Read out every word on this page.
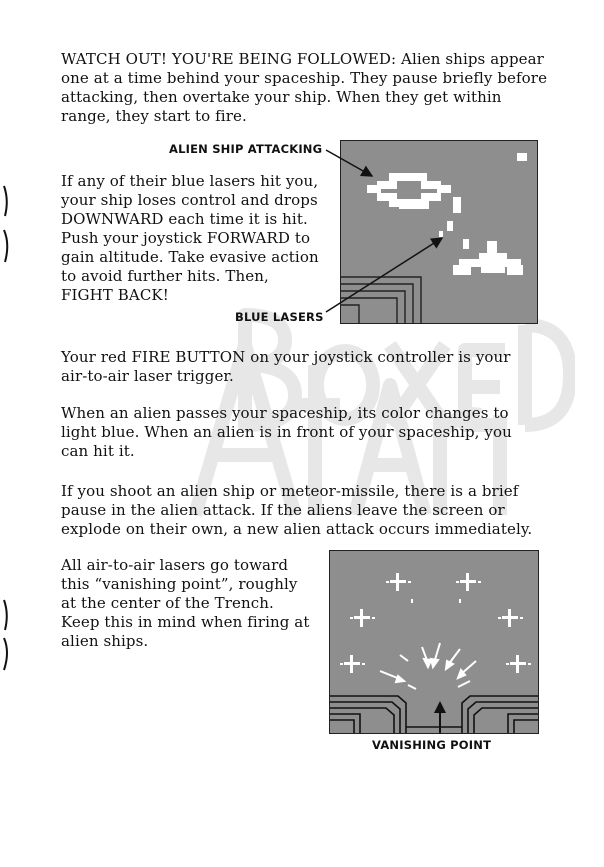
WATCH OUT! YOU'RE BEING FOLLOWED: Alien ships appear one at a time behind your spaceship. They pause briefly before attacking, then overtake your ship. When they get within range, they start to fire.

If any of their blue lasers hit you, your ship loses control and drops DOWNWARD each time it is hit. Push your joystick FORWARD to gain altitude. Take evasive action to avoid further hits. Then, FIGHT BACK!

ALIEN SHIP ATTACKING
BLUE LASERS

Your red FIRE BUTTON on your joystick controller is your air-to-air laser trigger.

When an alien passes your spaceship, its color changes to light blue. When an alien is in front of your spaceship, you can hit it.

If you shoot an alien ship or meteor-missile, there is a brief pause in the alien attack. If the aliens leave the screen or explode on their own, a new alien attack occurs immediately.

All air-to-air lasers go toward this “vanishing point”, roughly at the center of the Trench. Keep this in mind when firing at alien ships.

VANISHING POINT
